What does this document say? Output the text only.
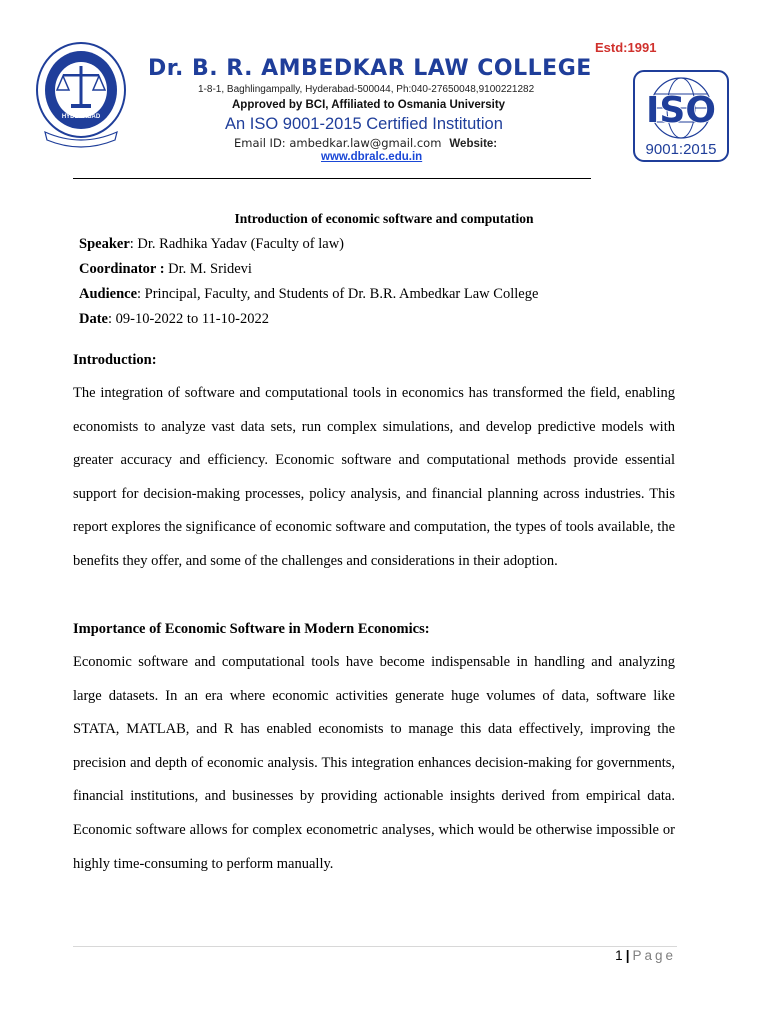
HYDERABAD
Estd:1991
Dr. B. R. AMBEDKAR LAW COLLEGE
1-8-1, Baghlingampally, Hyderabad-500044, Ph:040-27650048,9100221282
Approved by BCI, Affiliated to Osmania University
An ISO 9001-2015 Certified Institution
Email ID: ambedkar.law@gmail.com Website:
www.dbralc.edu.in
ISO
9001:2015
Introduction of economic software and computation
Speaker: Dr. Radhika Yadav (Faculty of law)
Coordinator : Dr. M. Sridevi
Audience: Principal, Faculty, and Students of Dr. B.R. Ambedkar Law College
Date: 09-10-2022 to 11-10-2022
Introduction:

The integration of software and computational tools in economics has transformed the field, enabling economists to analyze vast data sets, run complex simulations, and develop predictive models with greater accuracy and efficiency. Economic software and computational methods provide essential support for decision-making processes, policy analysis, and financial planning across industries. This report explores the significance of economic software and computation, the types of tools available, the benefits they offer, and some of the challenges and considerations in their adoption.

Importance of Economic Software in Modern Economics:

Economic software and computational tools have become indispensable in handling and analyzing large datasets. In an era where economic activities generate huge volumes of data, software like STATA, MATLAB, and R has enabled economists to manage this data effectively, improving the precision and depth of economic analysis. This integration enhances decision-making for governments, financial institutions, and businesses by providing actionable insights derived from empirical data. Economic software allows for complex econometric analyses, which would be otherwise impossible or highly time-consuming to perform manually.

1 | Page
